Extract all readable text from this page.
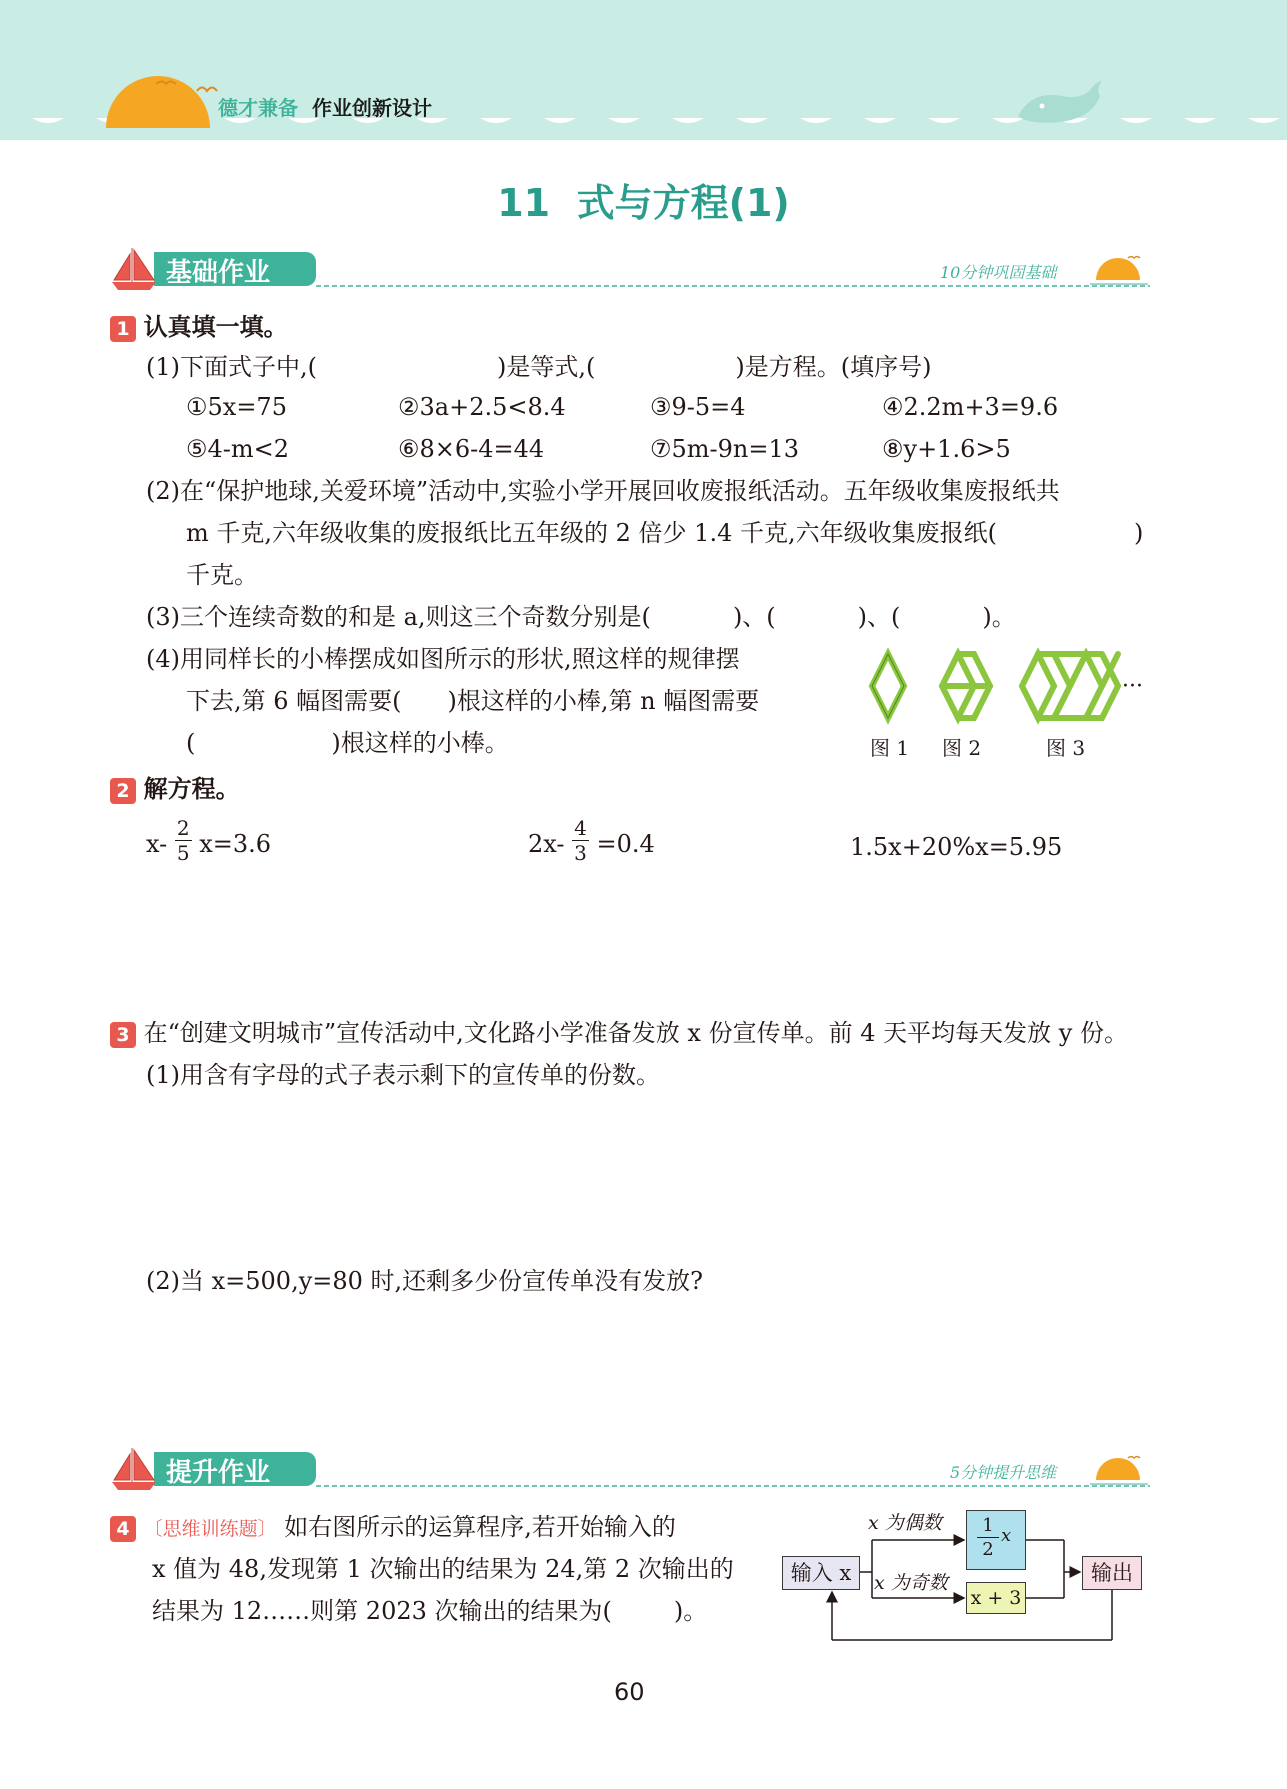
德才兼备 作业创新设计
11  式与方程(1)
基础作业	10分钟巩固基础
1 认真填一填。
(1)下面式子中,(	)是等式,(	)是方程。(填序号)
①5x=75	②3a+2.5<8.4	③9-5=4	④2.2m+3=9.6
⑤4-m<2	⑥8×6-4=44	⑦5m-9n=13	⑧y+1.6>5
(2)在“保护地球,关爱环境”活动中,实验小学开展回收废报纸活动。五年级收集废报纸共
m 千克,六年级收集的废报纸比五年级的 2 倍少 1.4 千克,六年级收集废报纸(	)
千克。
(3)三个连续奇数的和是 a,则这三个奇数分别是(	)、(	)、(	)。
(4)用同样长的小棒摆成如图所示的形状,照这样的规律摆
下去,第 6 幅图需要( )根这样的小棒,第 n 幅图需要
(	)根这样的小棒。	图 1 图 2	图 3
···
2 解方程。
$x- \frac{2}{5} x=3.6$	$2x- \frac{4}{3} =0.4$	1.5x+20%x=5.95
3 在“创建文明城市”宣传活动中,文化路小学准备发放 x 份宣传单。前 4 天平均每天发放 y 份。
(1)用含有字母的式子表示剩下的宣传单的份数。
(2)当 x=500,y=80 时,还剩多少份宣传单没有发放?
提升作业	5分钟提升思维
4 〔思维训练题〕 如右图所示的运算程序,若开始输入的
x 值为 48,发现第 1 次输出的结果为 24,第 2 次输出的
结果为 12……则第 2023 次输出的结果为(	)。
输入 x
x 为偶数
x 为奇数
1
2
x
x + 3
输出
60
